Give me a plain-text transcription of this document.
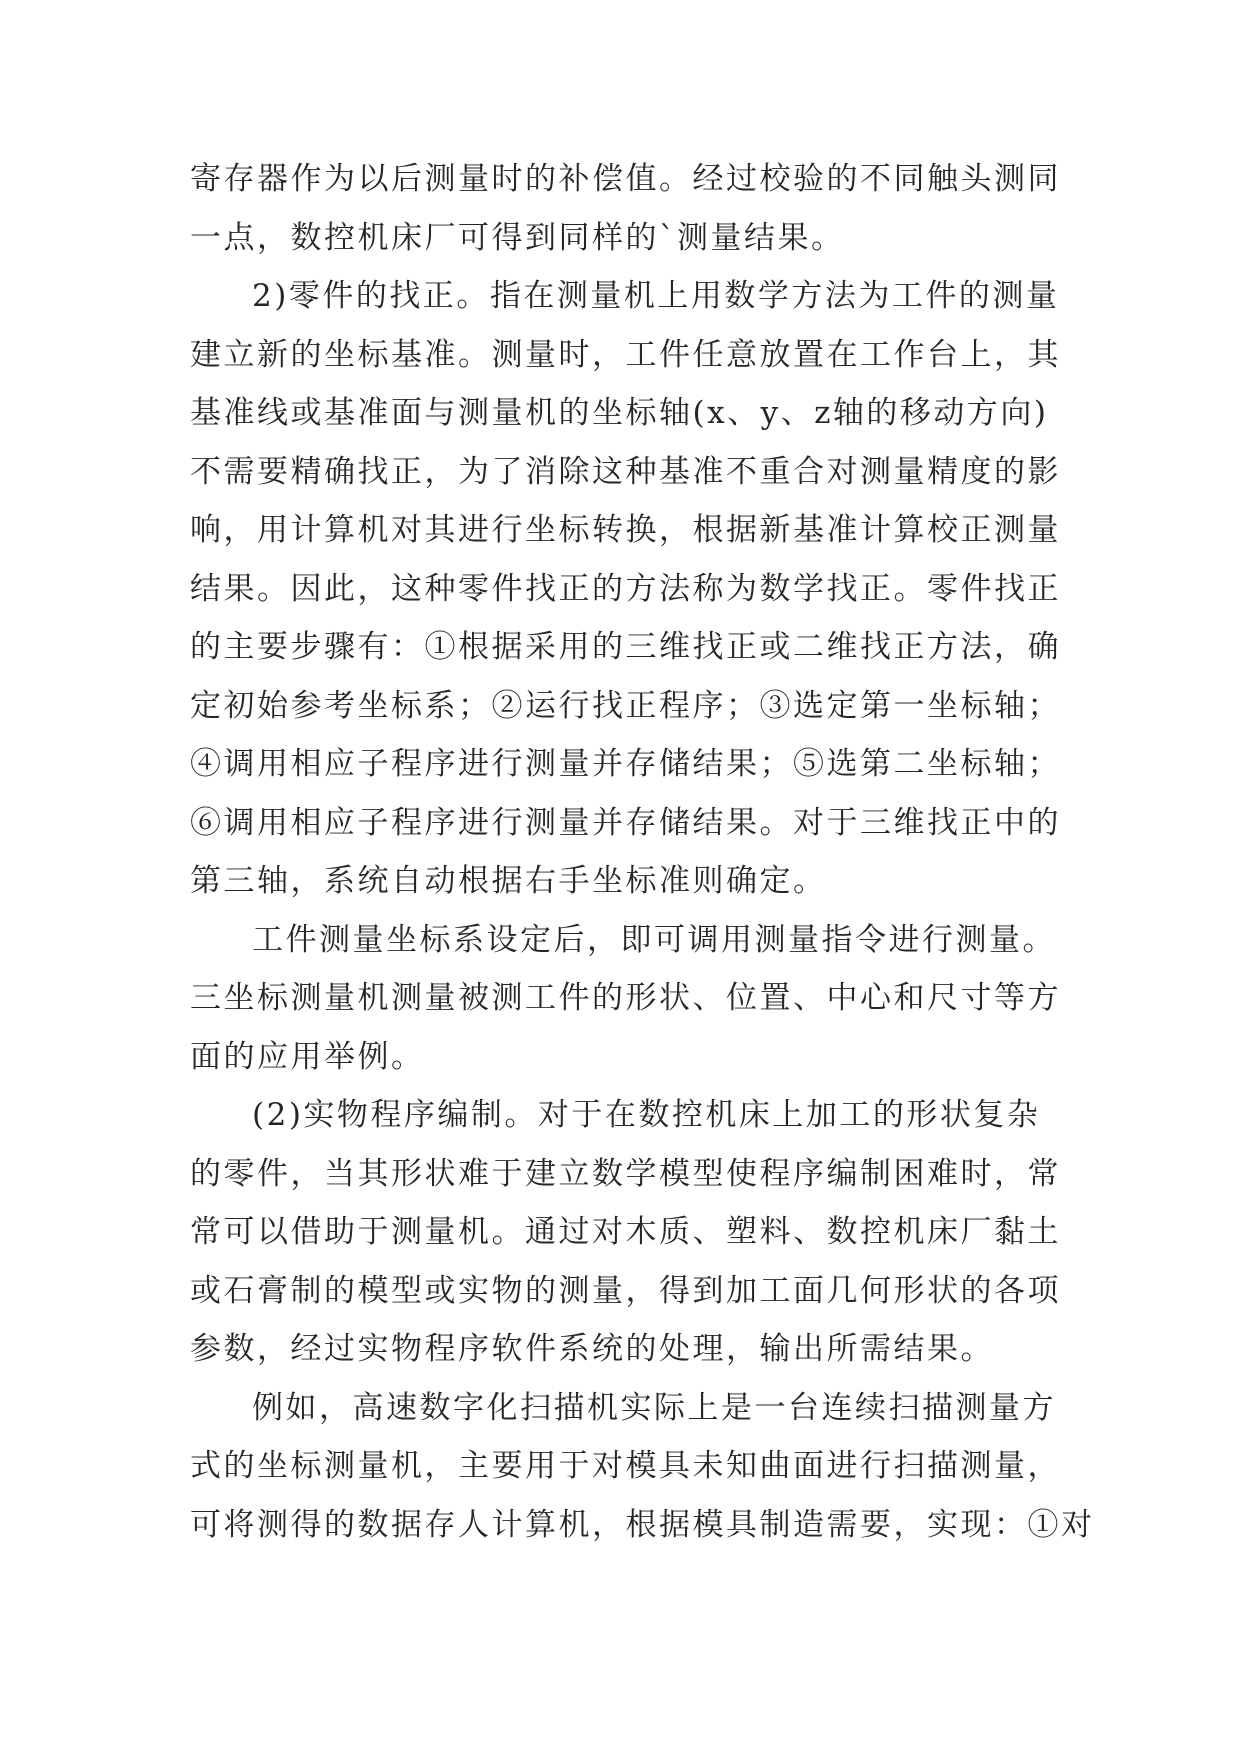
寄存器作为以后测量时的补偿值。经过校验的不同触头测同
一点，数控机床厂可得到同样的`测量结果。
2)零件的找正。指在测量机上用数学方法为工件的测量
建立新的坐标基准。测量时，工件任意放置在工作台上，其
基准线或基准面与测量机的坐标轴(x、y、z轴的移动方向)
不需要精确找正，为了消除这种基准不重合对测量精度的影
响，用计算机对其进行坐标转换，根据新基准计算校正测量
结果。因此，这种零件找正的方法称为数学找正。零件找正
的主要步骤有：①根据采用的三维找正或二维找正方法，确
定初始参考坐标系；②运行找正程序；③选定第一坐标轴；
④调用相应子程序进行测量并存储结果；⑤选第二坐标轴；
⑥调用相应子程序进行测量并存储结果。对于三维找正中的
第三轴，系统自动根据右手坐标准则确定。
工件测量坐标系设定后，即可调用测量指令进行测量。
三坐标测量机测量被测工件的形状、位置、中心和尺寸等方
面的应用举例。
(2)实物程序编制。对于在数控机床上加工的形状复杂
的零件，当其形状难于建立数学模型使程序编制困难时，常
常可以借助于测量机。通过对木质、塑料、数控机床厂黏土
或石膏制的模型或实物的测量，得到加工面几何形状的各项
参数，经过实物程序软件系统的处理，输出所需结果。
例如，高速数字化扫描机实际上是一台连续扫描测量方
式的坐标测量机，主要用于对模具未知曲面进行扫描测量，
可将测得的数据存人计算机，根据模具制造需要，实现：①对
